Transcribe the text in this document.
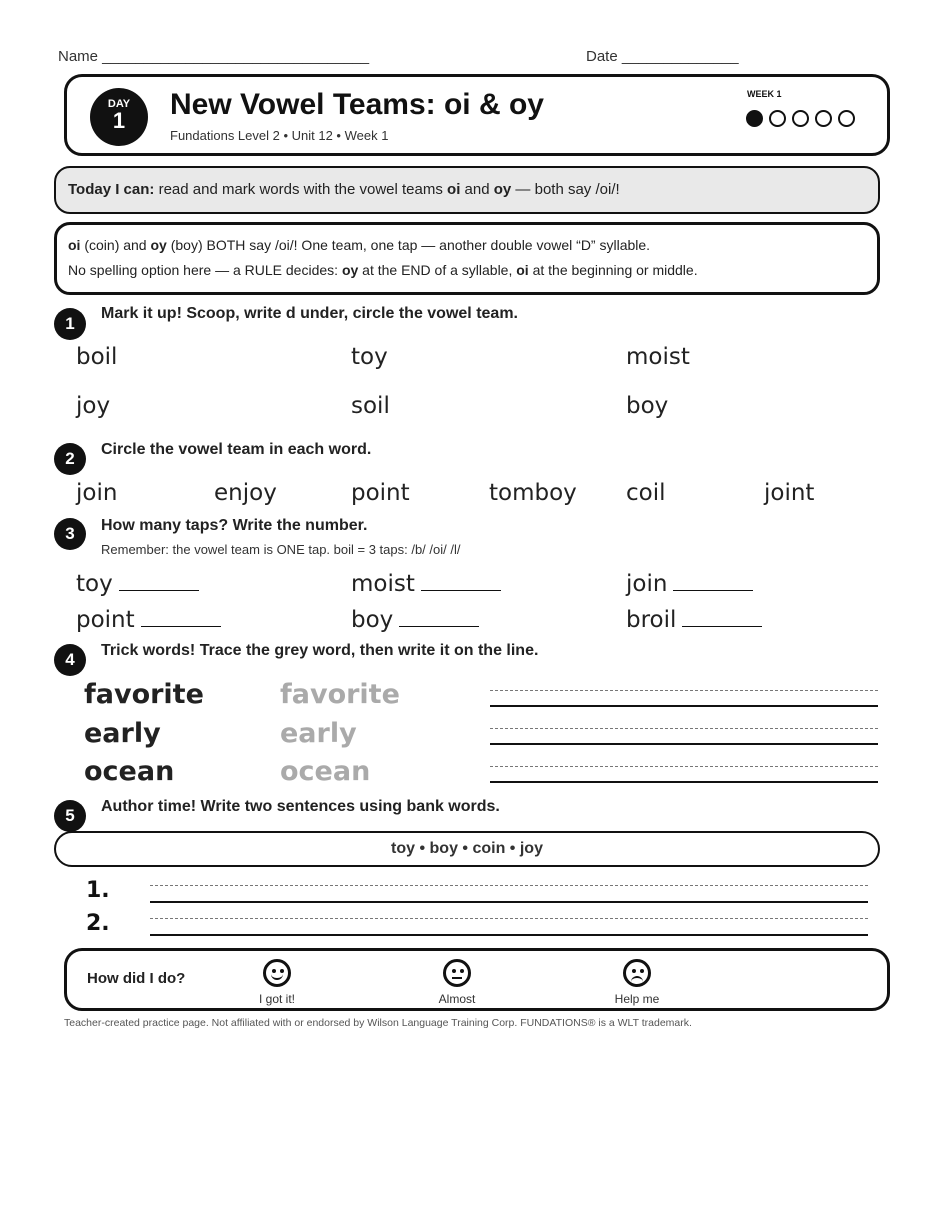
Name ________________________________	Date ______________
DAY
1	New Vowel Teams: oi & oy
Fundations Level 2 • Unit 12 • Week 1
WEEK 1
Today I can: read and mark words with the vowel teams oi and oy — both say /oi/!
oi (coin) and oy (boy) BOTH say /oi/! One team, one tap — another double vowel “D” syllable.
No spelling option here — a RULE decides: oy at the END of a syllable, oi at the beginning or middle.
1
Mark it up! Scoop, write d under, circle the vowel team.
boil	toy	moist
joy	soil	boy
2	Circle the vowel team in each word.
join	enjoy	point	tomboy coil	joint
3	How many taps? Write the number.
Remember: the vowel team is ONE tap. boil = 3 taps: /b/ /oi/ /l/
toy	moist	join
point	boy	broil
4	Trick words! Trace the grey word, then write it on the line.
favorite	favorite
early	early
ocean	ocean
5	Author time! Write two sentences using bank words.
toy • boy • coin • joy
1.
2.
How did I do?
I got it!	Almost	Help me
Teacher-created practice page. Not affiliated with or endorsed by Wilson Language Training Corp. FUNDATIONS® is a WLT trademark.
